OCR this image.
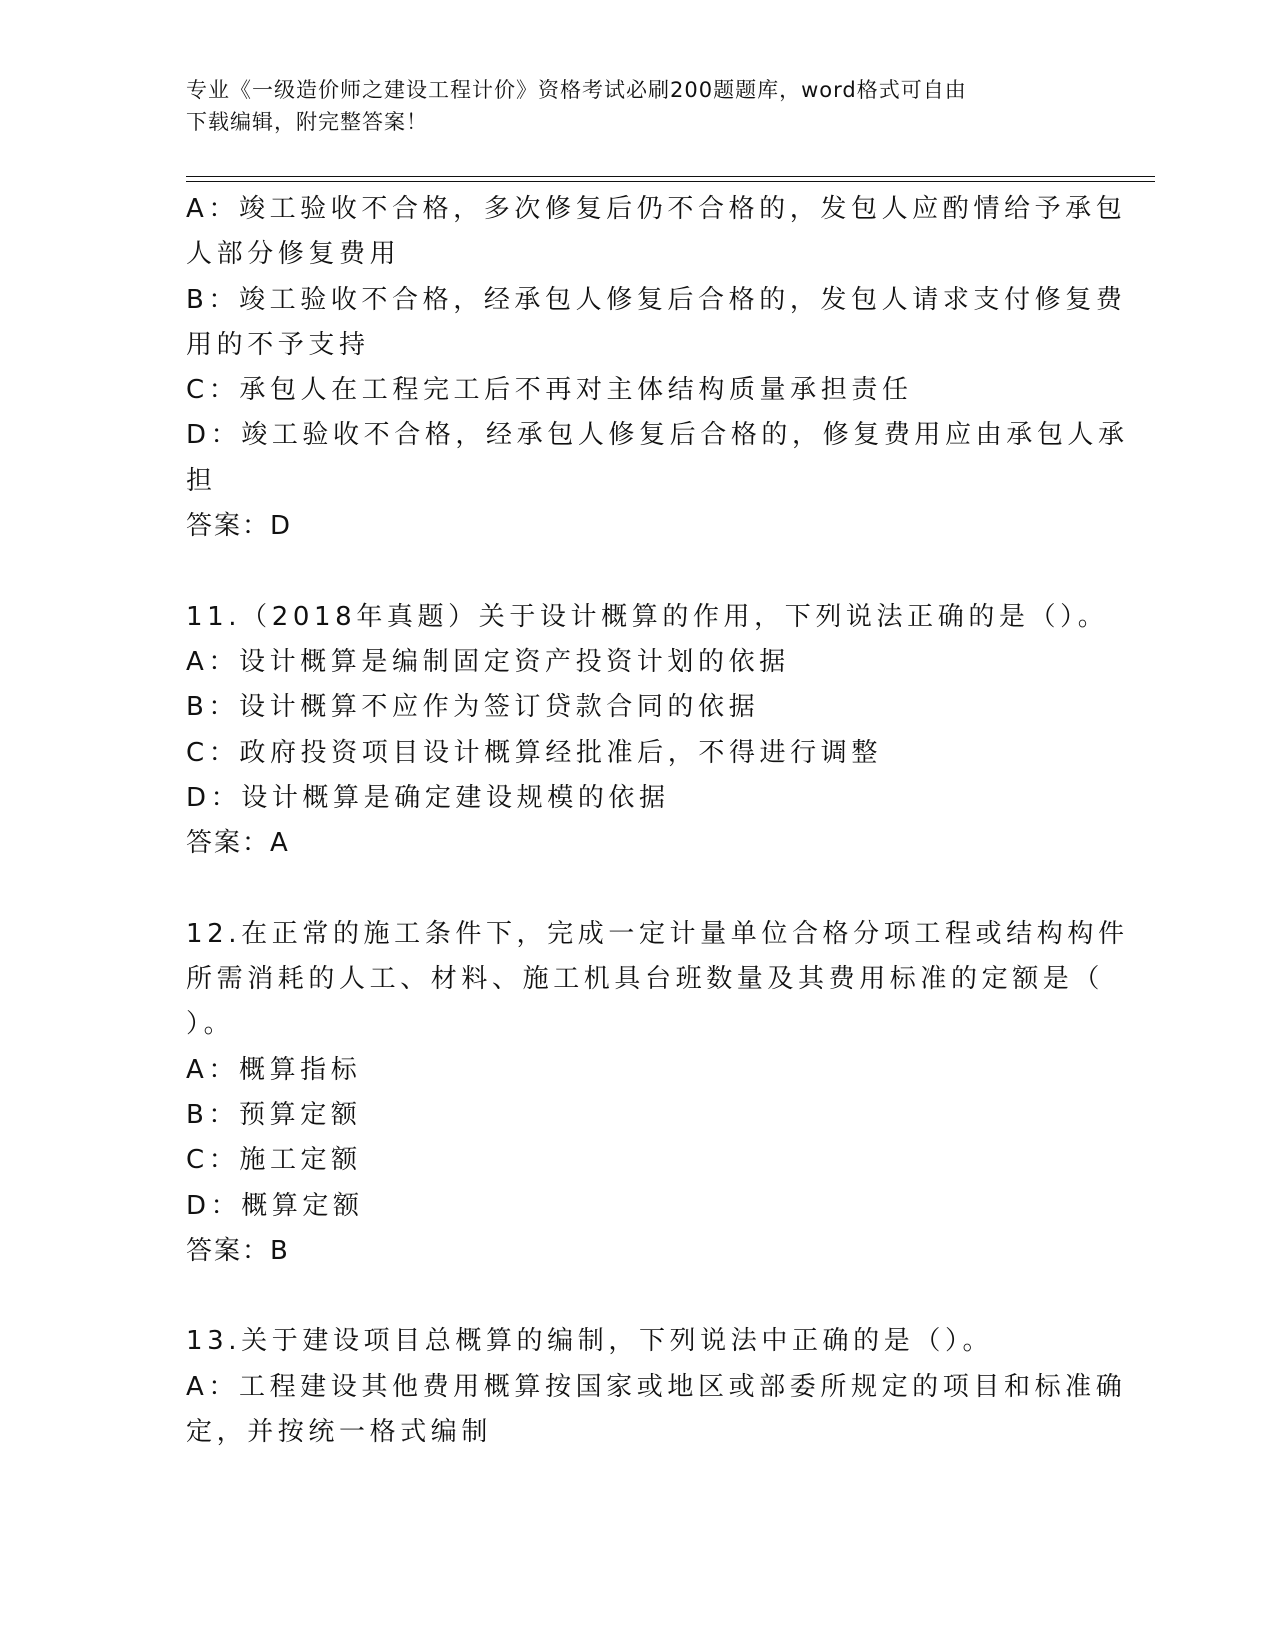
专业《一级造价师之建设工程计价》资格考试必刷200题题库，word格式可自由
下载编辑，附完整答案！
A：竣工验收不合格，多次修复后仍不合格的，发包人应酌情给予承包
人部分修复费用
B：竣工验收不合格，经承包人修复后合格的，发包人请求支付修复费
用的不予支持
C：承包人在工程完工后不再对主体结构质量承担责任
D：竣工验收不合格，经承包人修复后合格的，修复费用应由承包人承
担
答案：D
11.（2018年真题）关于设计概算的作用，下列说法正确的是（）。
A：设计概算是编制固定资产投资计划的依据
B：设计概算不应作为签订贷款合同的依据
C：政府投资项目设计概算经批准后，不得进行调整
D：设计概算是确定建设规模的依据
答案：A
12.在正常的施工条件下，完成一定计量单位合格分项工程或结构构件
所需消耗的人工、材料、施工机具台班数量及其费用标准的定额是（
）。
A：概算指标
B：预算定额
C：施工定额
D：概算定额
答案：B
13.关于建设项目总概算的编制，下列说法中正确的是（）。
A：工程建设其他费用概算按国家或地区或部委所规定的项目和标准确
定，并按统一格式编制
